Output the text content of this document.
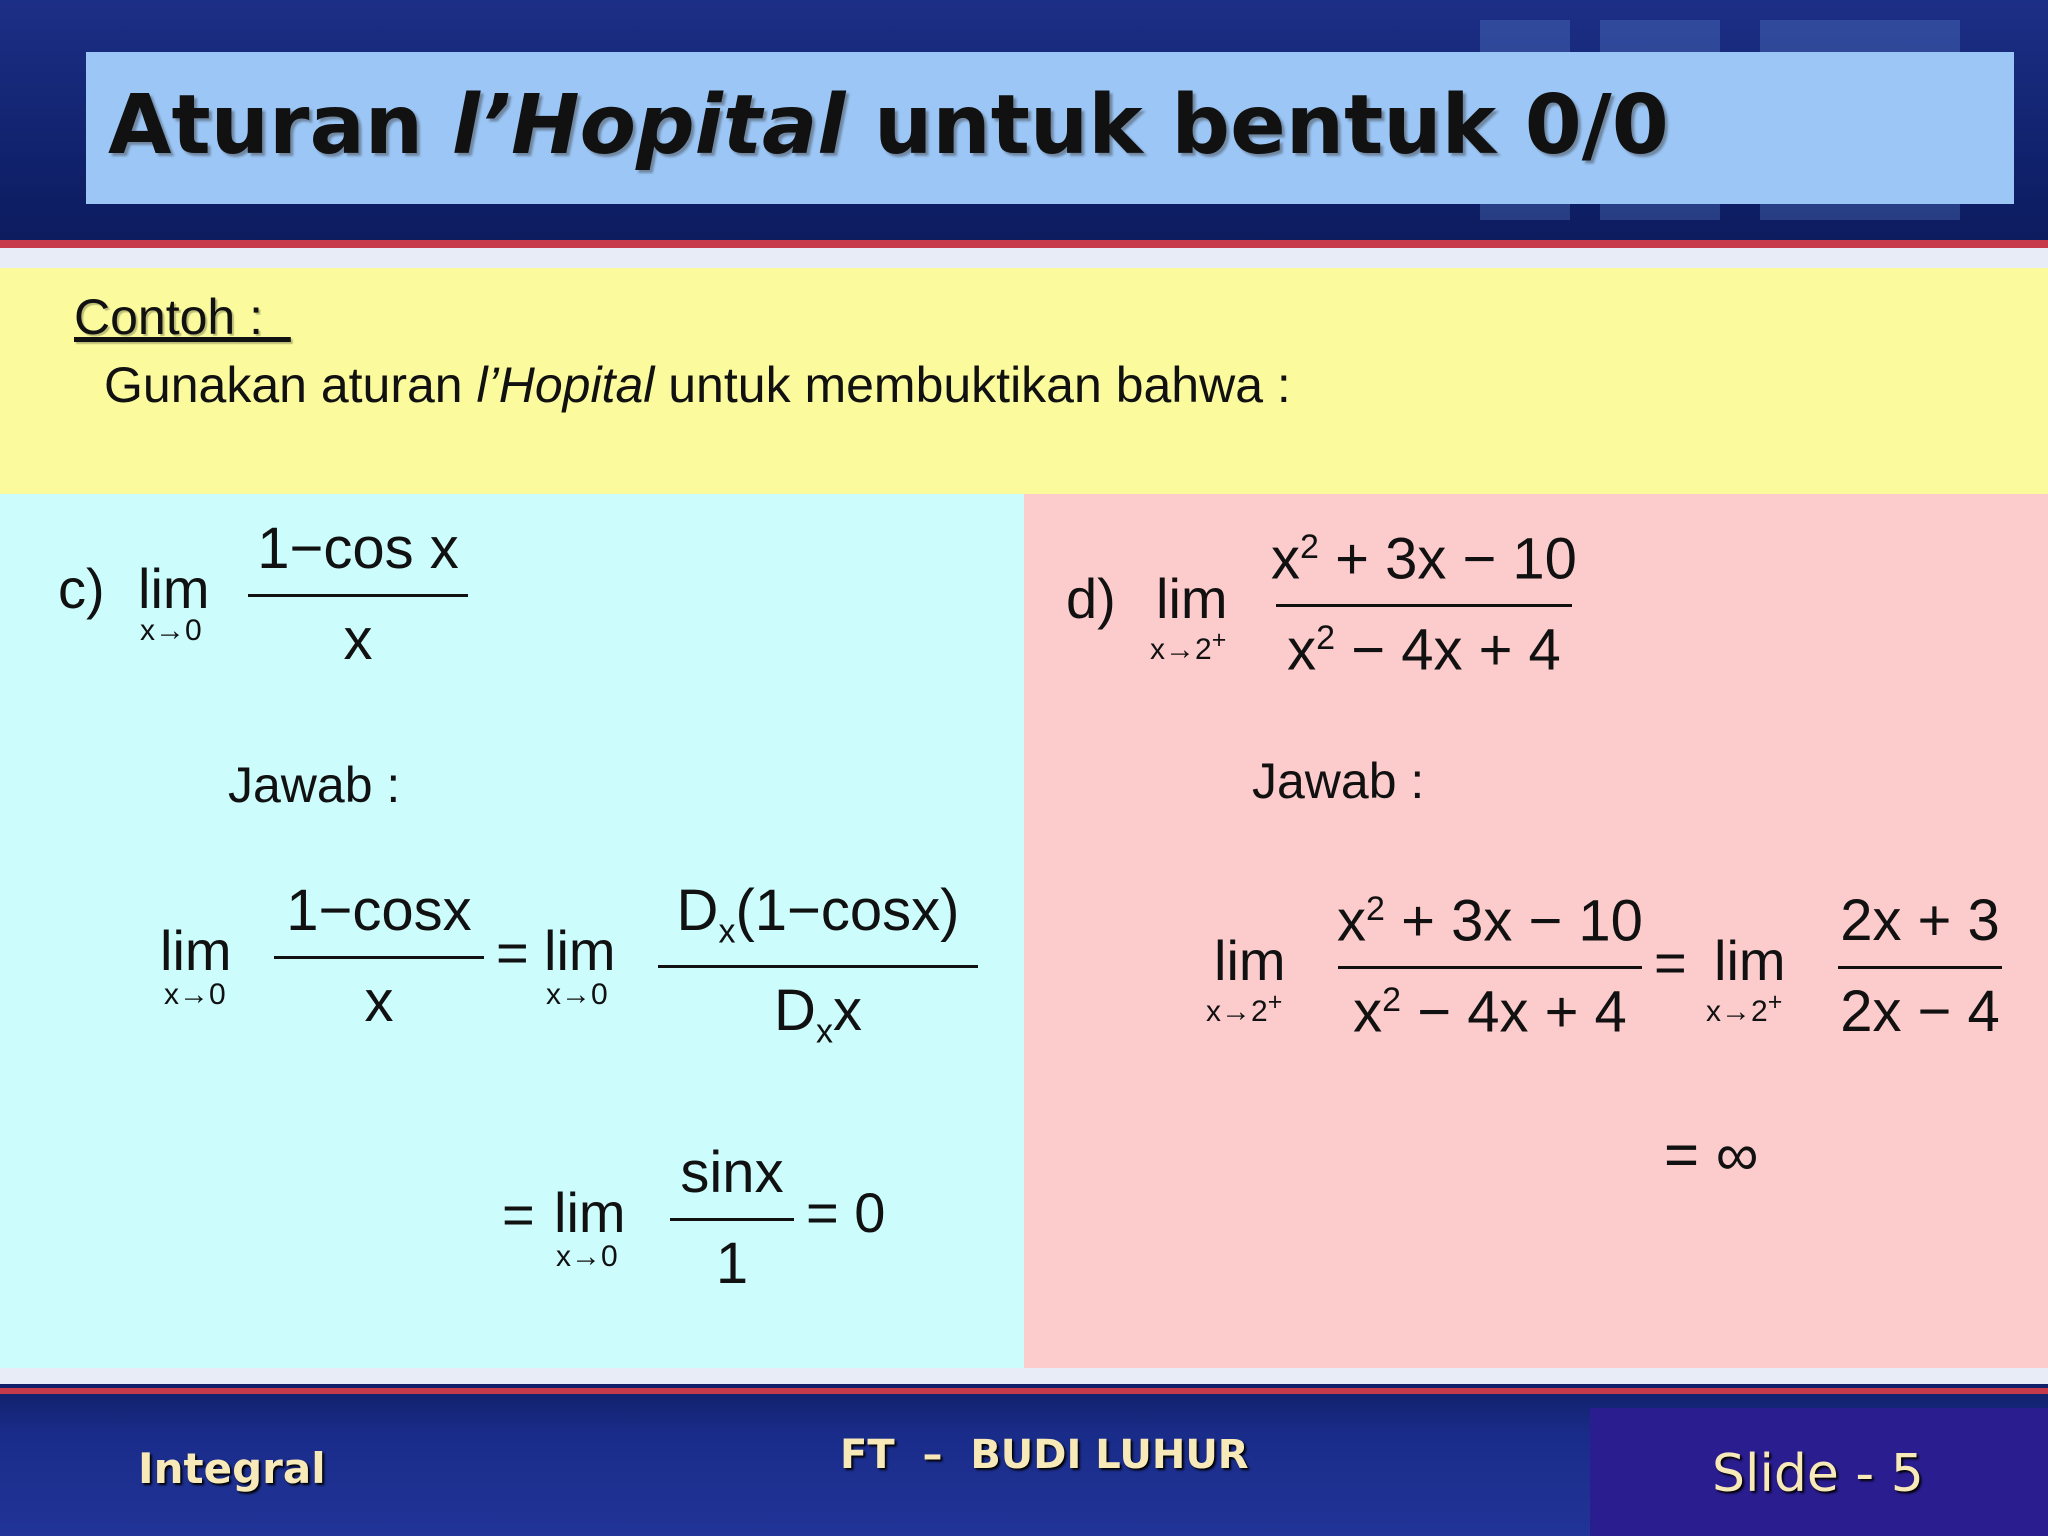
Aturan l’Hopital untuk bentuk 0/0
Contoh :
Gunakan aturan l’Hopital untuk membuktikan bahwa :
c) lim
x→0
1−cos x
x
Jawab :
lim
x→0
1−cosx
x
= lim
x→0
$D_x(1-\cos x)$
$D_xx$
= lim
x→0
sinx
1
= 0
d) lim
x→2+
$x^2 + 3x - 10$
$x^2 - 4x + 4$
Jawab :
lim
x→2+
$x^2 + 3x - 10$
$x^2 - 4x + 4$
= lim
x→2+
2x + 3
2x − 4
= ∞
Integral	FT  –  BUDI LUHUR	Slide - 5
